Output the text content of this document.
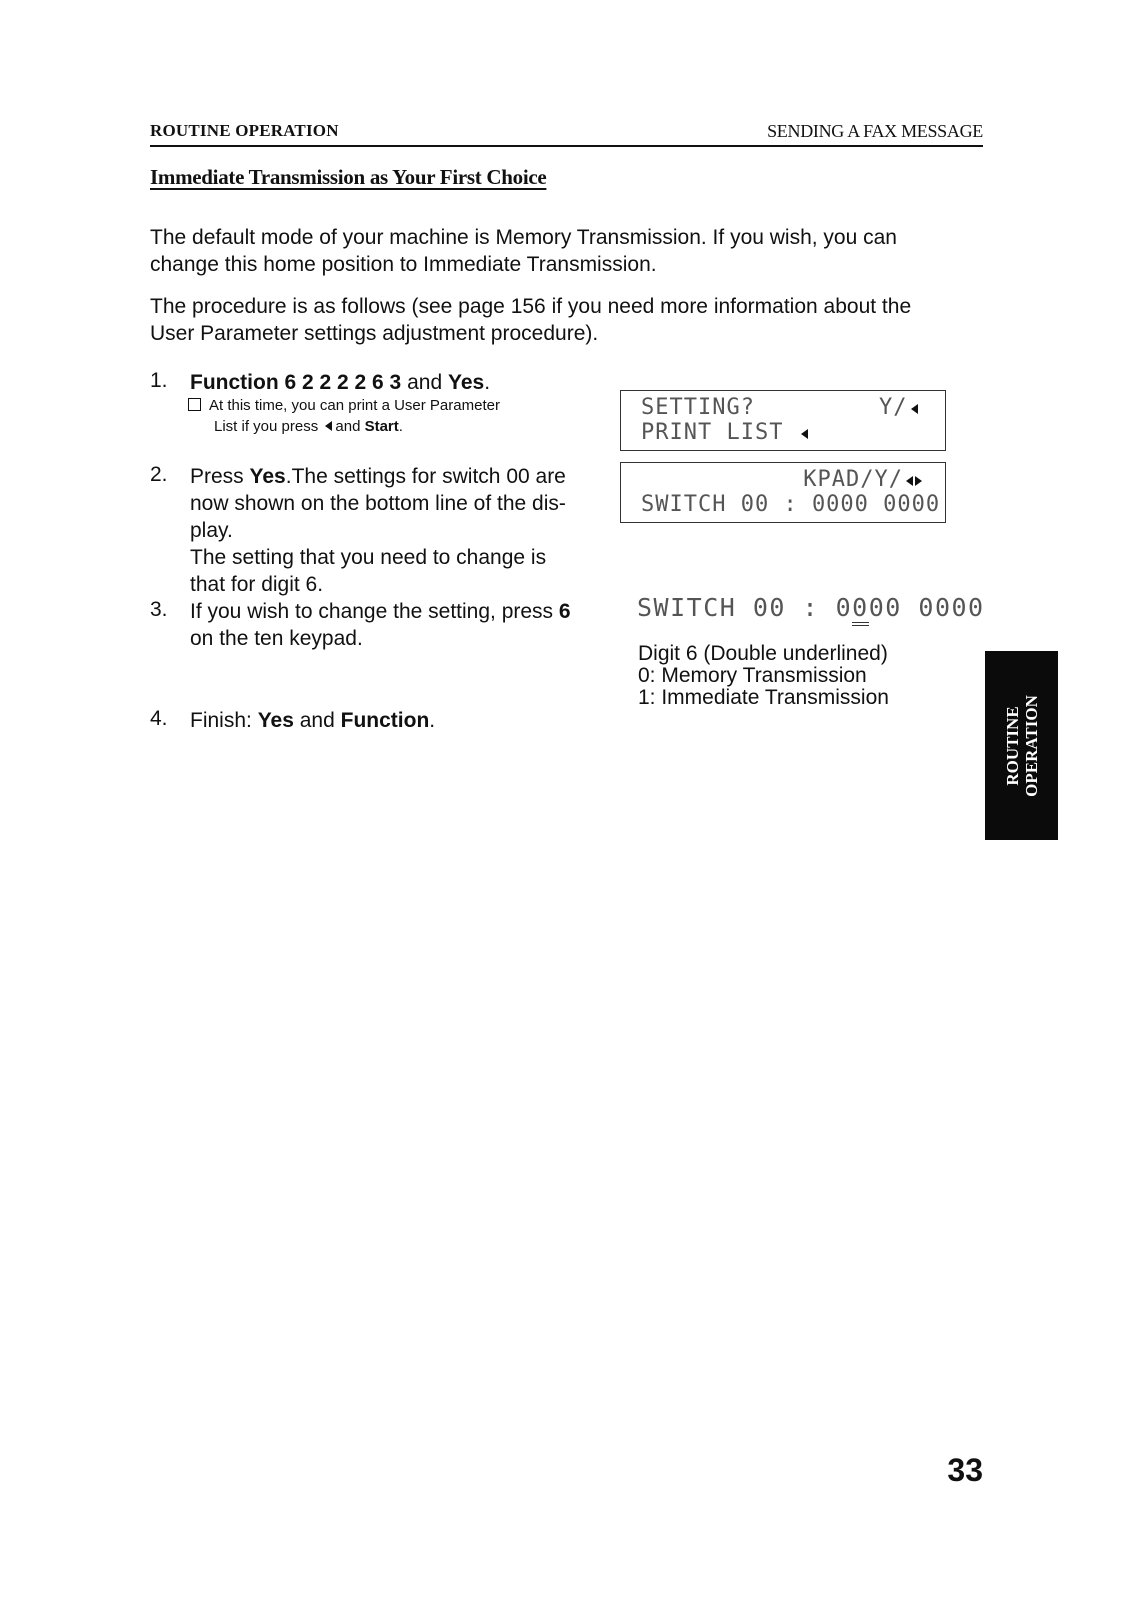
ROUTINE OPERATION	SENDING A FAX MESSAGE
Immediate Transmission as Your First Choice
The default mode of your machine is Memory Transmission. If you wish, you can
change this home position to Immediate Transmission.
The procedure is as follows (see page 156 if you need more information about the
User Parameter settings adjustment procedure).
1. Function 6 2 2 2 2 6 3 and Yes.
At this time, you can print a User Parameter
List if you press and Start.
SETTING?	Y/
PRINT LIST
2. Press Yes.The settings for switch 00 are
now shown on the bottom line of the dis-
play.
The setting that you need to change is
that for digit 6.
KPAD/Y/
SWITCH 00 : 0000 0000
3. If you wish to change the setting, press 6
on the ten keypad.
SWITCH 00 : 0000 0000
Digit 6 (Double underlined)
0: Memory Transmission
1: Immediate Transmission
4. Finish: Yes and Function.	ROUTINE OPERATION
33
